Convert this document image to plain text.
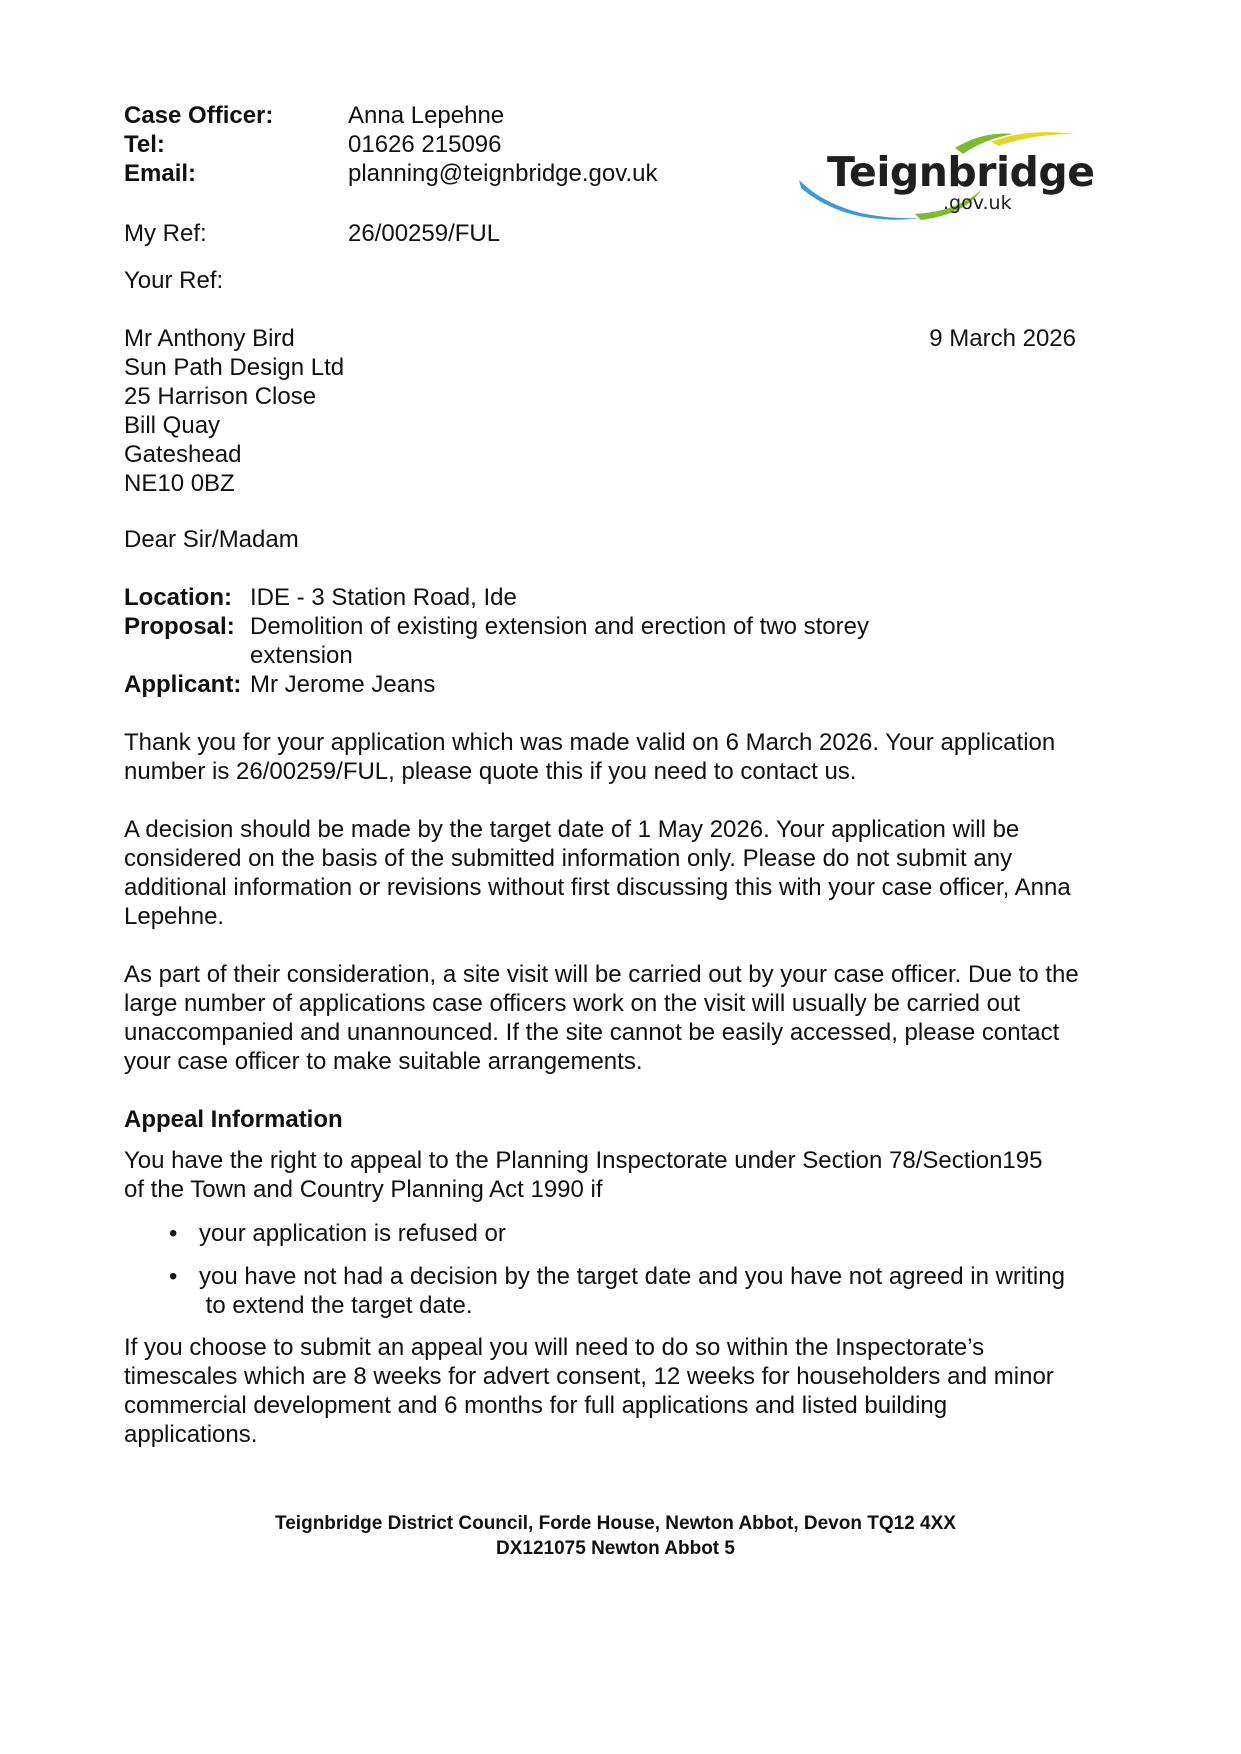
Case Officer:	Anna Lepehne
Tel:	01626 215096
Email:	planning@teignbridge.gov.uk
My Ref:	26/00259/FUL
Your Ref:
Teignbridge
.gov.uk
Mr Anthony Bird
Sun Path Design Ltd
25 Harrison Close
Bill Quay
Gateshead
NE10 0BZ
9 March 2026
Dear Sir/Madam
Location: IDE - 3 Station Road, Ide
Proposal: Demolition of existing extension and erection of two storey
extension
Applicant: Mr Jerome Jeans
Thank you for your application which was made valid on 6 March 2026. Your application
number is 26/00259/FUL, please quote this if you need to contact us.
A decision should be made by the target date of 1 May 2026. Your application will be
considered on the basis of the submitted information only. Please do not submit any
additional information or revisions without first discussing this with your case officer, Anna
Lepehne.
As part of their consideration, a site visit will be carried out by your case officer. Due to the
large number of applications case officers work on the visit will usually be carried out
unaccompanied and unannounced. If the site cannot be easily accessed, please contact
your case officer to make suitable arrangements.
Appeal Information
You have the right to appeal to the Planning Inspectorate under Section 78/Section195
of the Town and Country Planning Act 1990 if
• your application is refused or
• you have not had a decision by the target date and you have not agreed in writing
to extend the target date.
If you choose to submit an appeal you will need to do so within the Inspectorate’s
timescales which are 8 weeks for advert consent, 12 weeks for householders and minor
commercial development and 6 months for full applications and listed building
applications.
Teignbridge District Council, Forde House, Newton Abbot, Devon TQ12 4XX
DX121075 Newton Abbot 5
